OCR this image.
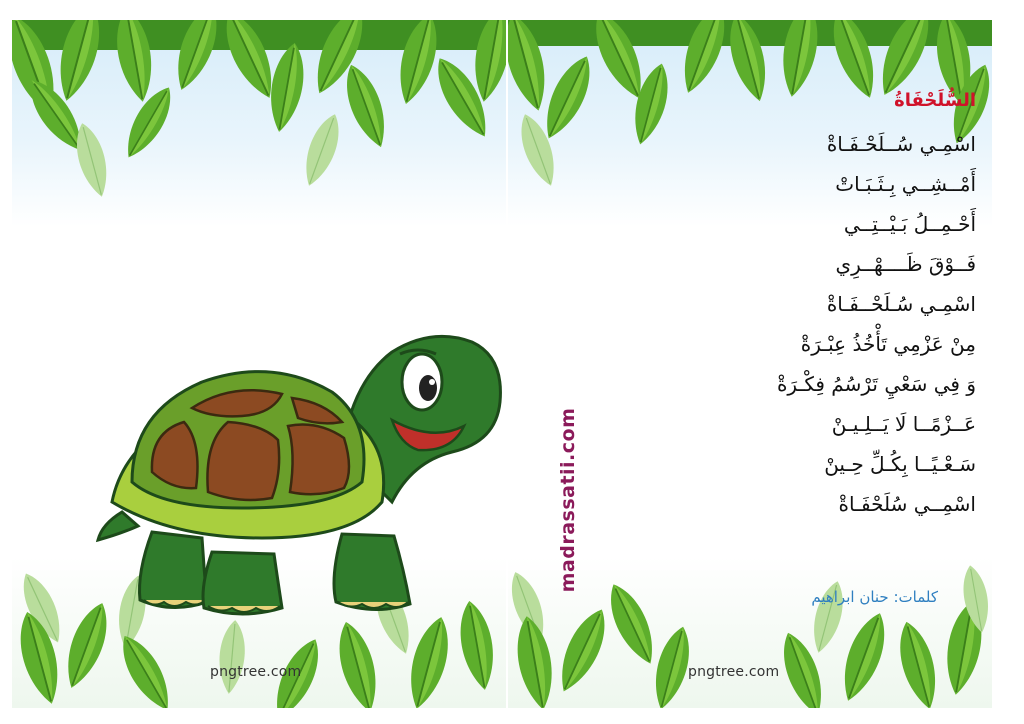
pngtree.com	pngtree.com
madrassatii.com
السُّلَحْفَاةُ
اسْمِـي سُــلَحْـفَـاةْ
أَمْــشِــي بِـثَـبَـاتْ
أَحْـمِــلُ بَـيْــتِــي
فَــوْقَ ظَــــهْــرِي
اسْمِـي سُـلَحْــفَـاةْ
مِنْ عَزْمِي تَأْخُذُ عِبْـرَةْ
وَ فِي سَعْيِ تَرْسُمُ فِكْـرَةْ
عَــزْمًــا لَا يَــلِـيـنْ
سَـعْـيًــا بِكُـلِّ حِـينْ
اسْمِــي سُلَحْفَـاةْ
كلمات: حنان ابراهيم
